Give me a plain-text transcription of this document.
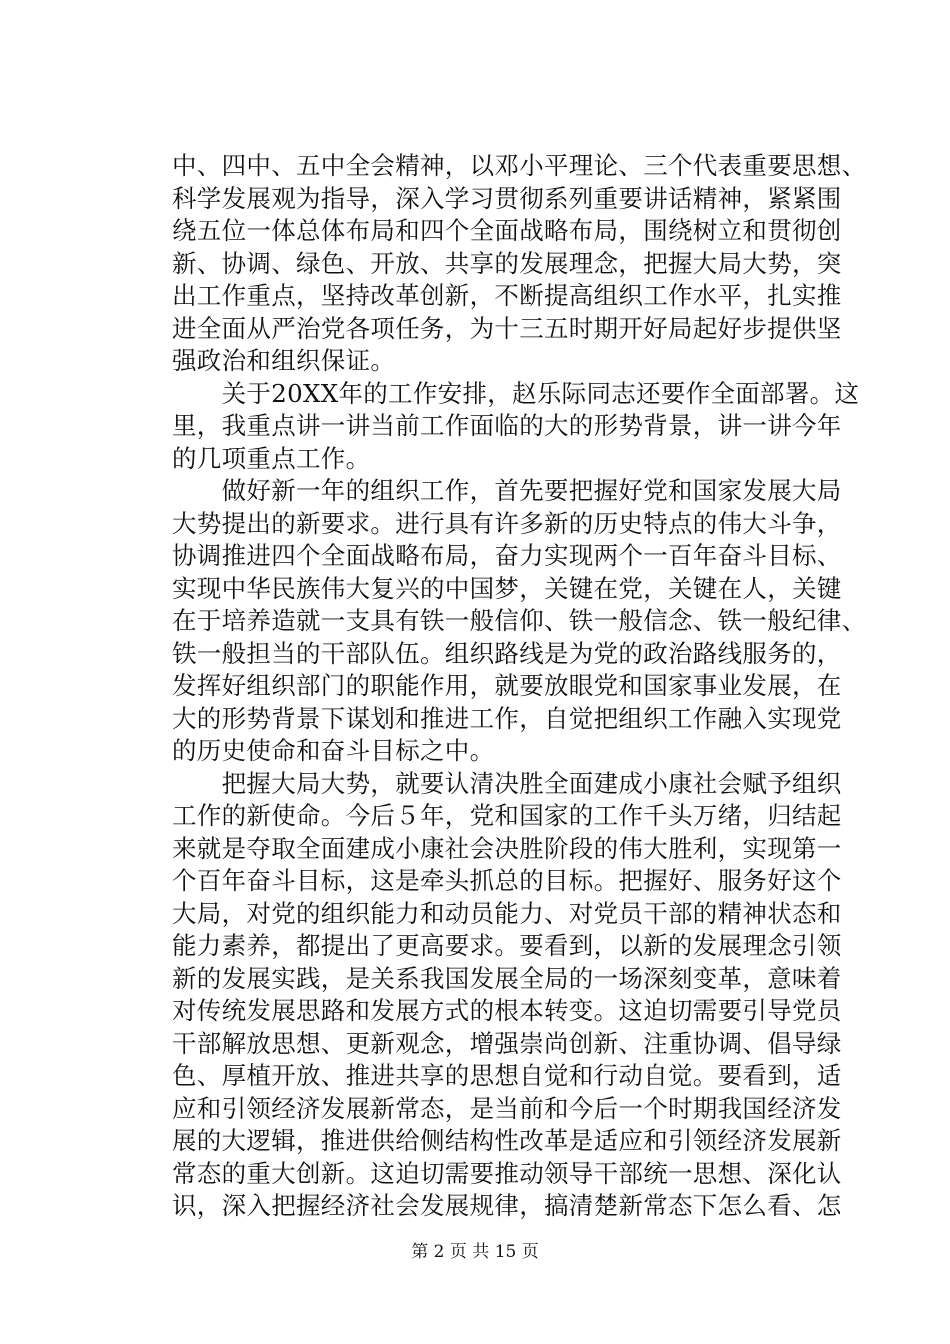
中、四中、五中全会精神，以邓小平理论、三个代表重要思想、
科学发展观为指导，深入学习贯彻系列重要讲话精神，紧紧围
绕五位一体总体布局和四个全面战略布局，围绕树立和贯彻创
新、协调、绿色、开放、共享的发展理念，把握大局大势，突
出工作重点，坚持改革创新，不断提高组织工作水平，扎实推
进全面从严治党各项任务，为十三五时期开好局起好步提供坚
强政治和组织保证。
　　关于20XX年的工作安排，赵乐际同志还要作全面部署。这
里，我重点讲一讲当前工作面临的大的形势背景，讲一讲今年
的几项重点工作。
　　做好新一年的组织工作，首先要把握好党和国家发展大局
大势提出的新要求。进行具有许多新的历史特点的伟大斗争，
协调推进四个全面战略布局，奋力实现两个一百年奋斗目标、
实现中华民族伟大复兴的中国梦，关键在党，关键在人，关键
在于培养造就一支具有铁一般信仰、铁一般信念、铁一般纪律、
铁一般担当的干部队伍。组织路线是为党的政治路线服务的，
发挥好组织部门的职能作用，就要放眼党和国家事业发展，在
大的形势背景下谋划和推进工作，自觉把组织工作融入实现党
的历史使命和奋斗目标之中。
　　把握大局大势，就要认清决胜全面建成小康社会赋予组织
工作的新使命。今后５年，党和国家的工作千头万绪，归结起
来就是夺取全面建成小康社会决胜阶段的伟大胜利，实现第一
个百年奋斗目标，这是牵头抓总的目标。把握好、服务好这个
大局，对党的组织能力和动员能力、对党员干部的精神状态和
能力素养，都提出了更高要求。要看到，以新的发展理念引领
新的发展实践，是关系我国发展全局的一场深刻变革，意味着
对传统发展思路和发展方式的根本转变。这迫切需要引导党员
干部解放思想、更新观念，增强崇尚创新、注重协调、倡导绿
色、厚植开放、推进共享的思想自觉和行动自觉。要看到，适
应和引领经济发展新常态，是当前和今后一个时期我国经济发
展的大逻辑，推进供给侧结构性改革是适应和引领经济发展新
常态的重大创新。这迫切需要推动领导干部统一思想、深化认
识，深入把握经济社会发展规律，搞清楚新常态下怎么看、怎
第 2 页 共 15 页
